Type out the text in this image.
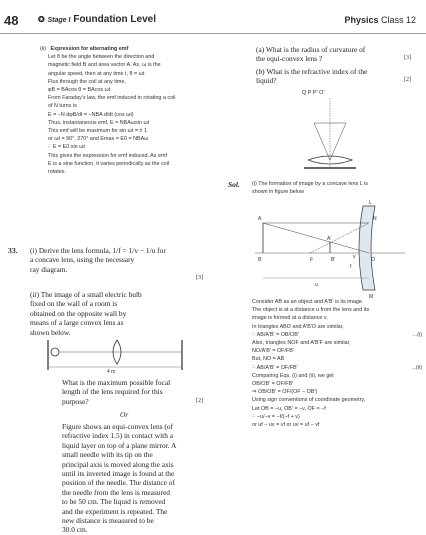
48 ✪ Stage I Foundation Level	Physics Class 12
(ii) Expression for alternating emf
Let θ be the angle between the direction and
magnetic field B and area vector A. As, ω is the
angular speed, then at any time t, θ = ωt
Flux through the coil at any time,
φB = BAcos θ = BAcos ωt
From Faraday's law, the emf induced in rotating a coil
of N turns is
E = −N dφB/dt = −NBA d/dt (cos ωt)
Thus, instantaneous emf, E = NBAωsin ωt
This emf will be maximum for sin ωt = ± 1
or ωt = 90°, 270° and Emax = E0 = NBAω
∴ E = E0 sin ωt
This gives the expression for emf induced. As emf
E is a sine function, it varies periodically as the coil
rotates.
33. (i) Derive the lens formula, 1/f = 1/v − 1/u for
a concave lens, using the necessary
ray diagram.
[3]
(ii) The image of a small electric bulb
fixed on the wall of a room is
obtained on the opposite wall by
means of a large convex lens as
shown below.
4 m
What is the maximum possible focal
length of the lens required for this
purpose?	[2]
Or
Figure shows an equi-convex lens (of
refractive index 1.5) in contact with a
liquid layer on top of a plane mirror. A
small needle with its tip on the
principal axis is moved along the axis
until its inverted image is found at the
position of the needle. The distance of
the needle from the lens is measured
to be 50 cm. The liquid is removed
and the experiment is repeated. The
new distance is measured to be
30.0 cm.
(a) What is the radius of curvature of
the equi-convex lens ?	[3]
(b) What is the refractive index of the
liquid?	[2]
Q P P' O'
Sol. (i) The formation of image by a concave lens L is
shown in figure below
L
A
B	F
A'
B'	O
N
v
f
u
M
Consider AB as an object and A'B' is its image.
The object is at a distance u from the lens and its
image is formed at a distance v.
In triangles ABO and A'B'O are similar,
∴ AB/A'B' = OB/OB'	...(i)
Also, triangles NOF and A'B'F are similar,
NO/A'B' = OF/FB'
But, NO = AB
∴ AB/A'B' = OF/FB'	...(ii)
Comparing Eqs. (i) and (ii), we get
OB/OB' = OF/FB'
⇒ OB/OB' = OF/(OF − OB')
Using sign conventions of coordinate geometry,
Let OB = −u, OB' = −v, OF = −f
∴ −u/−v = −f/(−f + v)
or uf − uv = vf or uv = uf − vf
